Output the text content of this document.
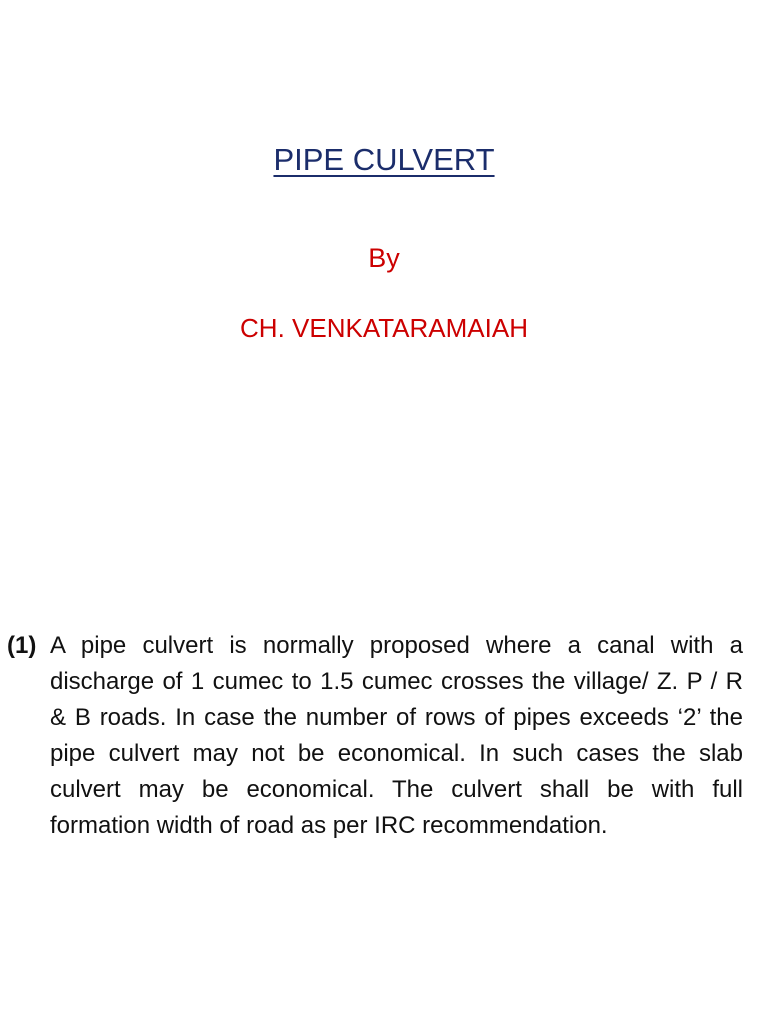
PIPE CULVERT
By
CH. VENKATARAMAIAH
(1) A pipe culvert is normally proposed where a canal with a discharge of 1 cumec to 1.5 cumec crosses the village/ Z. P / R & B roads. In case the number of rows of pipes exceeds ‘2’ the pipe culvert may not be economical. In such cases the slab culvert may be economical. The culvert shall be with full formation width of road as per IRC recommendation.
